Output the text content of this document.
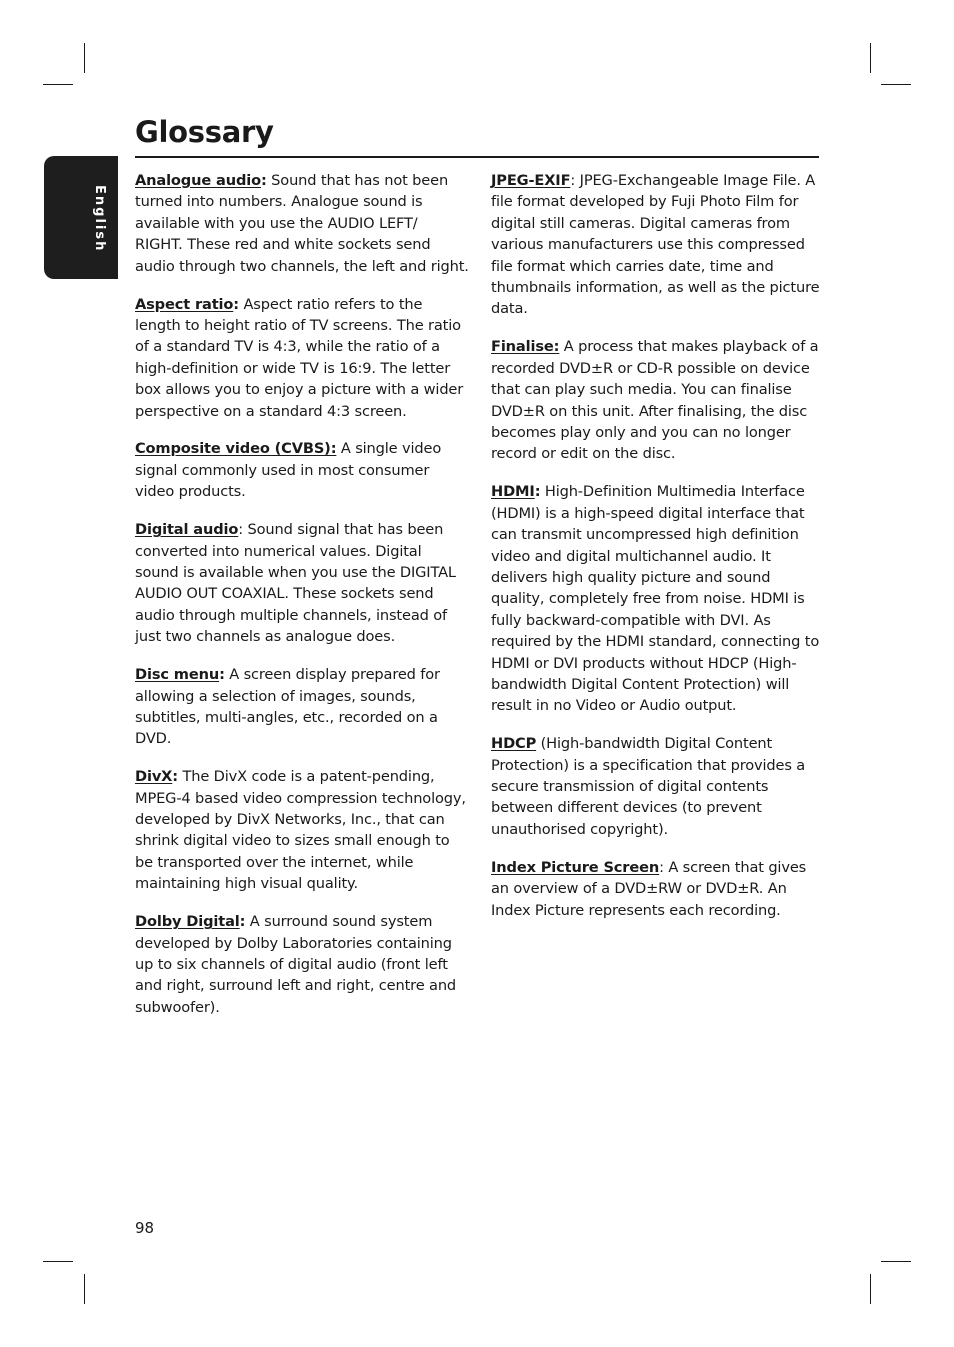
Glossary
English

Analogue audio: Sound that has not been turned into numbers. Analogue sound is available with you use the AUDIO LEFT/ RIGHT. These red and white sockets send audio through two channels, the left and right.

Aspect ratio: Aspect ratio refers to the length to height ratio of TV screens. The ratio of a standard TV is 4:3, while the ratio of a high-definition or wide TV is 16:9. The letter box allows you to enjoy a picture with a wider perspective on a standard 4:3 screen.

Composite video (CVBS): A single video signal commonly used in most consumer video products.

Digital audio: Sound signal that has been converted into numerical values. Digital sound is available when you use the DIGITAL AUDIO OUT COAXIAL. These sockets send audio through multiple channels, instead of just two channels as analogue does.

Disc menu: A screen display prepared for allowing a selection of images, sounds, subtitles, multi-angles, etc., recorded on a DVD.

DivX: The DivX code is a patent-pending, MPEG-4 based video compression technology, developed by DivX Networks, Inc., that can shrink digital video to sizes small enough to be transported over the internet, while maintaining high visual quality.

Dolby Digital: A surround sound system developed by Dolby Laboratories containing up to six channels of digital audio (front left and right, surround left and right, centre and subwoofer).

JPEG-EXIF: JPEG-Exchangeable Image File. A file format developed by Fuji Photo Film for digital still cameras. Digital cameras from various manufacturers use this compressed file format which carries date, time and thumbnails information, as well as the picture data.

Finalise: A process that makes playback of a recorded DVD±R or CD-R possible on device that can play such media. You can finalise DVD±R on this unit. After finalising, the disc becomes play only and you can no longer record or edit on the disc.

HDMI: High-Definition Multimedia Interface (HDMI) is a high-speed digital interface that can transmit uncompressed high definition video and digital multichannel audio. It delivers high quality picture and sound quality, completely free from noise. HDMI is fully backward-compatible with DVI. As required by the HDMI standard, connecting to HDMI or DVI products without HDCP (High-bandwidth Digital Content Protection) will result in no Video or Audio output.

HDCP (High-bandwidth Digital Content Protection) is a specification that provides a secure transmission of digital contents between different devices (to prevent unauthorised copyright).

Index Picture Screen: A screen that gives an overview of a DVD±RW or DVD±R. An Index Picture represents each recording.

98
